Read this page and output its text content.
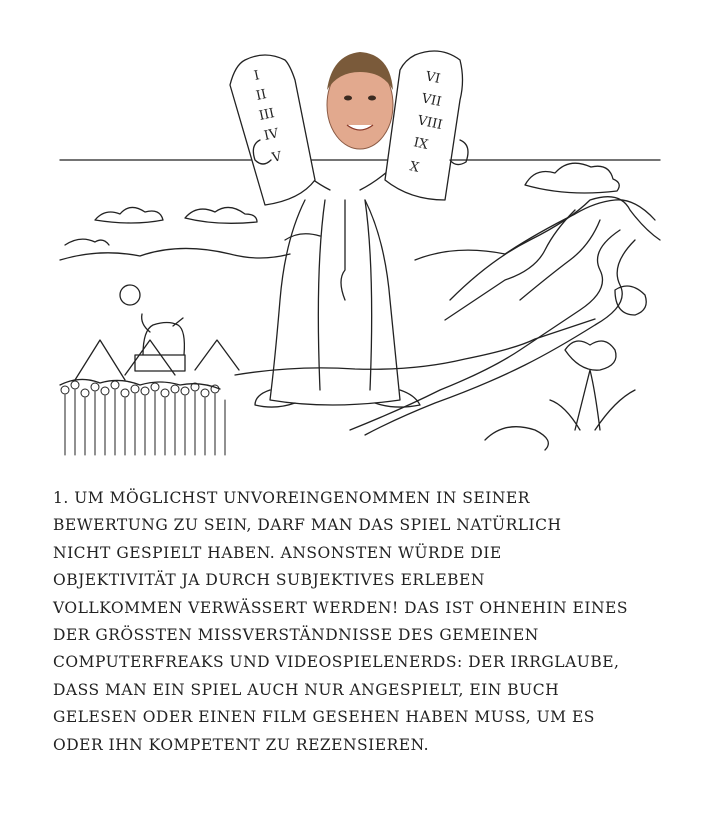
I
II
III
IV
V
VI
VII
VIII
IX
X
1. UM MÖGLICHST UNVOREINGENOMMEN IN SEINER
BEWERTUNG ZU SEIN, DARF MAN DAS SPIEL NATÜRLICH
NICHT GESPIELT HABEN. ANSONSTEN WÜRDE DIE
OBJEKTIVITÄT JA DURCH SUBJEKTIVES ERLEBEN
VOLLKOMMEN VERWÄSSERT WERDEN! DAS IST OHNEHIN EINES
DER GRÖSSTEN MISSVERSTÄNDNISSE DES GEMEINEN
COMPUTERFREAKS UND VIDEOSPIELENERDS: DER IRRGLAUBE,
DASS MAN EIN SPIEL AUCH NUR ANGESPIELT, EIN BUCH
GELESEN ODER EINEN FILM GESEHEN HABEN MUSS, UM ES
ODER IHN KOMPETENT ZU REZENSIEREN.
